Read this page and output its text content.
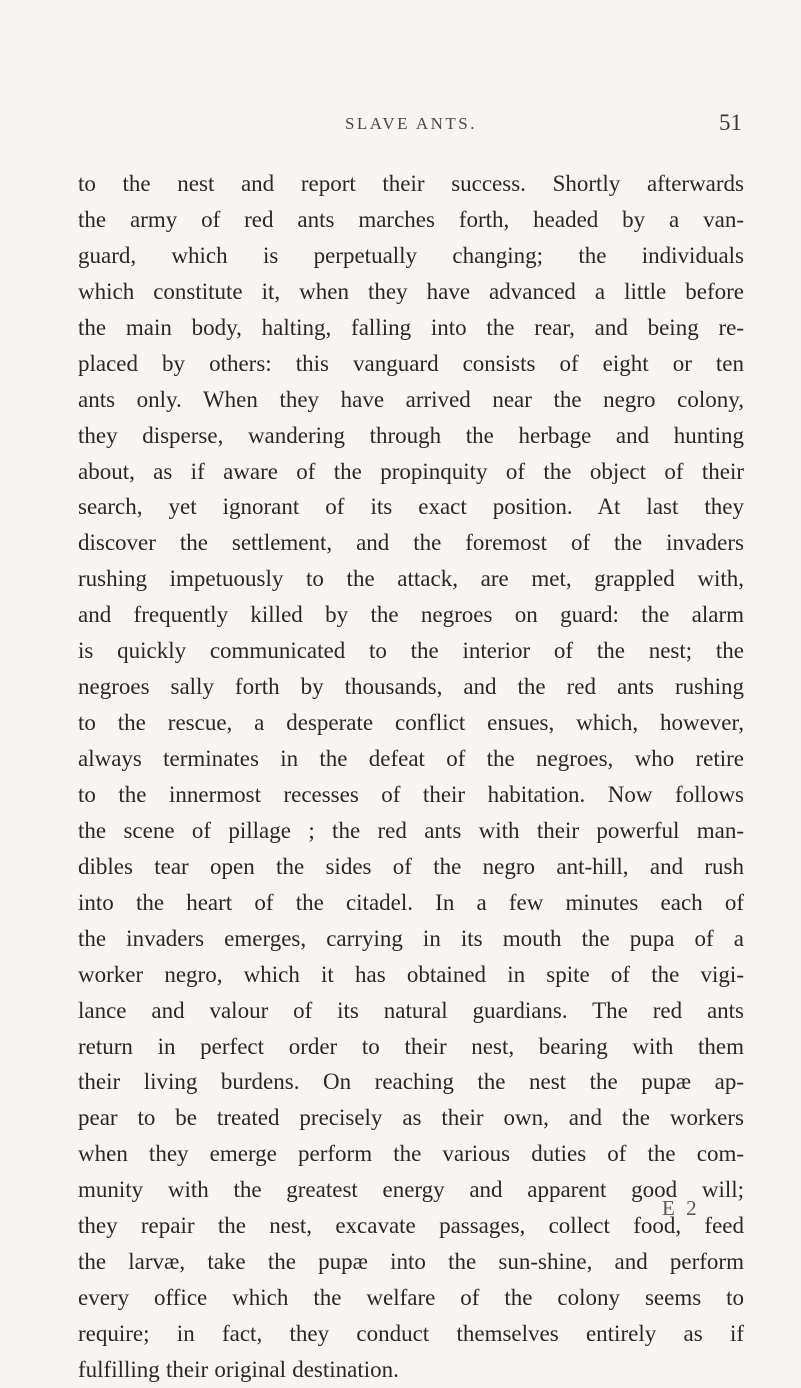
SLAVE ANTS.	51
to the nest and report their success. Shortly afterwards
the army of red ants marches forth, headed by a van-
guard, which is perpetually changing; the individuals
which constitute it, when they have advanced a little before
the main body, halting, falling into the rear, and being re-
placed by others: this vanguard consists of eight or ten
ants only. When they have arrived near the negro colony,
they disperse, wandering through the herbage and hunting
about, as if aware of the propinquity of the object of their
search, yet ignorant of its exact position. At last they
discover the settlement, and the foremost of the invaders
rushing impetuously to the attack, are met, grappled with,
and frequently killed by the negroes on guard: the alarm
is quickly communicated to the interior of the nest; the
negroes sally forth by thousands, and the red ants rushing
to the rescue, a desperate conflict ensues, which, however,
always terminates in the defeat of the negroes, who retire
to the innermost recesses of their habitation. Now follows
the scene of pillage ; the red ants with their powerful man-
dibles tear open the sides of the negro ant-hill, and rush
into the heart of the citadel. In a few minutes each of
the invaders emerges, carrying in its mouth the pupa of a
worker negro, which it has obtained in spite of the vigi-
lance and valour of its natural guardians. The red ants
return in perfect order to their nest, bearing with them
their living burdens. On reaching the nest the pupæ ap-
pear to be treated precisely as their own, and the workers
when they emerge perform the various duties of the com-
munity with the greatest energy and apparent good will;
they repair the nest, excavate passages, collect food, feed
the larvæ, take the pupæ into the sun-shine, and perform
every office which the welfare of the colony seems to
require; in fact, they conduct themselves entirely as if
fulfilling their original destination.
E 2
